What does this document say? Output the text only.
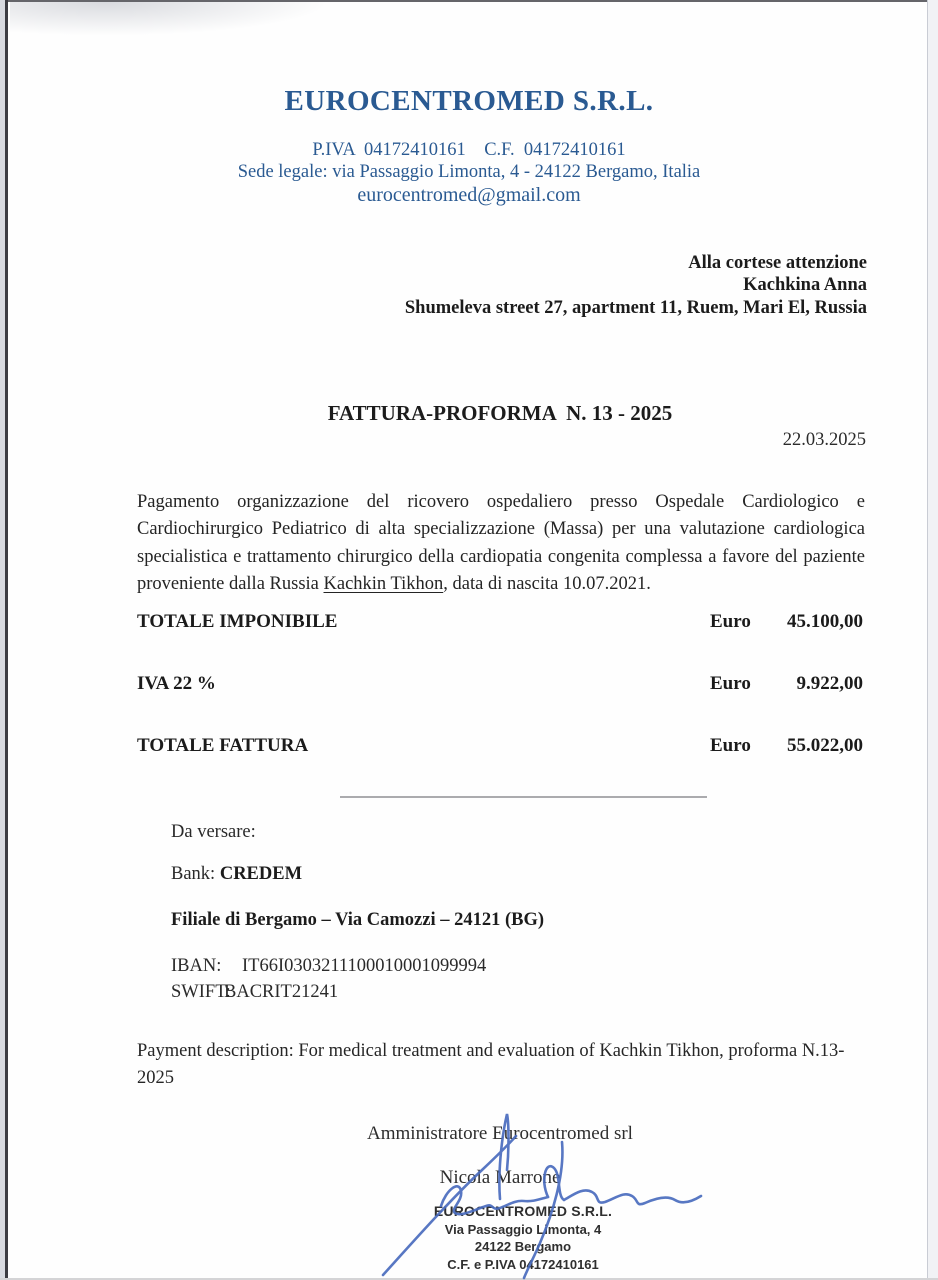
EUROCENTROMED S.R.L.
P.IVA  04172410161    C.F.  04172410161
Sede legale: via Passaggio Limonta, 4 - 24122 Bergamo, Italia
eurocentromed@gmail.com
Alla cortese attenzione
Kachkina Anna
Shumeleva street 27, apartment 11, Ruem, Mari El, Russia
FATTURA-PROFORMA  N. 13 - 2025
22.03.2025
Pagamento organizzazione del ricovero ospedaliero presso Ospedale Cardiologico e
Cardiochirurgico Pediatrico di alta specializzazione (Massa) per una valutazione cardiologica
specialistica e trattamento chirurgico della cardiopatia congenita complessa a favore del paziente
proveniente dalla Russia Kachkin Tikhon, data di nascita 10.07.2021.
TOTALE IMPONIBILE	Euro 45.100,00
IVA 22 %	Euro 9.922,00
TOTALE FATTURA	Euro 55.022,00
Da versare:
Bank: CREDEM
Filiale di Bergamo – Via Camozzi – 24121 (BG)
IBAN: IT66I0303211100010001099994
SWIFT:BACRIT21241
Payment description: For medical treatment and evaluation of Kachkin Tikhon, proforma N.13-2025
Amministratore Eurocentromed srl
Nicola Marrone
EUROCENTROMED S.R.L.
Via Passaggio Limonta, 4
24122 Bergamo
C.F. e P.IVA 04172410161
